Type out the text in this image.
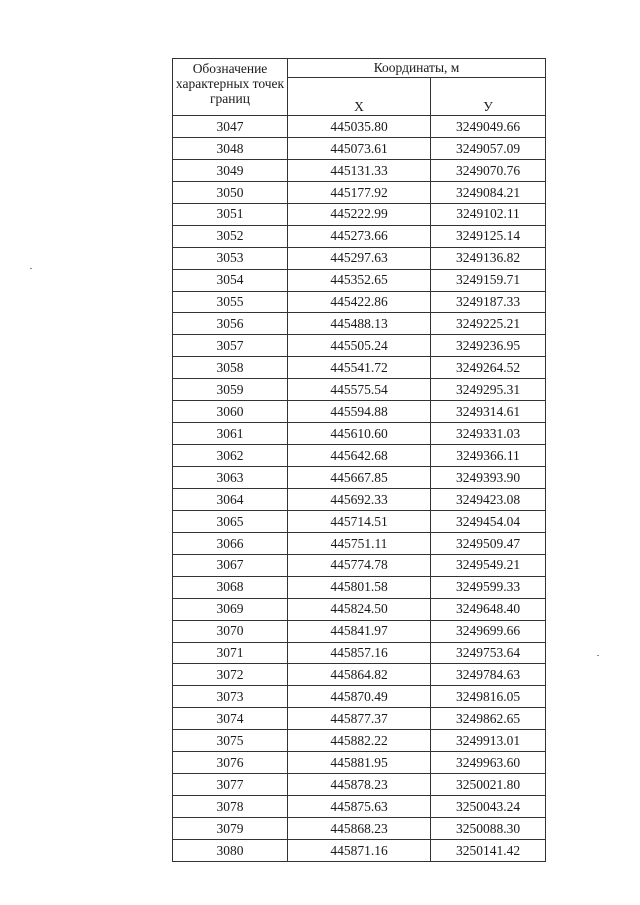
Обозначение характерных точек границ	Координаты, м	
	X	У
3047	445035.80	3249049.66
3048	445073.61	3249057.09
3049	445131.33	3249070.76
3050	445177.92	3249084.21
3051	445222.99	3249102.11
3052	445273.66	3249125.14
3053	445297.63	3249136.82
3054	445352.65	3249159.71
3055	445422.86	3249187.33
3056	445488.13	3249225.21
3057	445505.24	3249236.95
3058	445541.72	3249264.52
3059	445575.54	3249295.31
3060	445594.88	3249314.61
3061	445610.60	3249331.03
3062	445642.68	3249366.11
3063	445667.85	3249393.90
3064	445692.33	3249423.08
3065	445714.51	3249454.04
3066	445751.11	3249509.47
3067	445774.78	3249549.21
3068	445801.58	3249599.33
3069	445824.50	3249648.40
3070	445841.97	3249699.66
3071	445857.16	3249753.64
3072	445864.82	3249784.63
3073	445870.49	3249816.05
3074	445877.37	3249862.65
3075	445882.22	3249913.01
3076	445881.95	3249963.60
3077	445878.23	3250021.80
3078	445875.63	3250043.24
3079	445868.23	3250088.30
3080	445871.16	3250141.42
